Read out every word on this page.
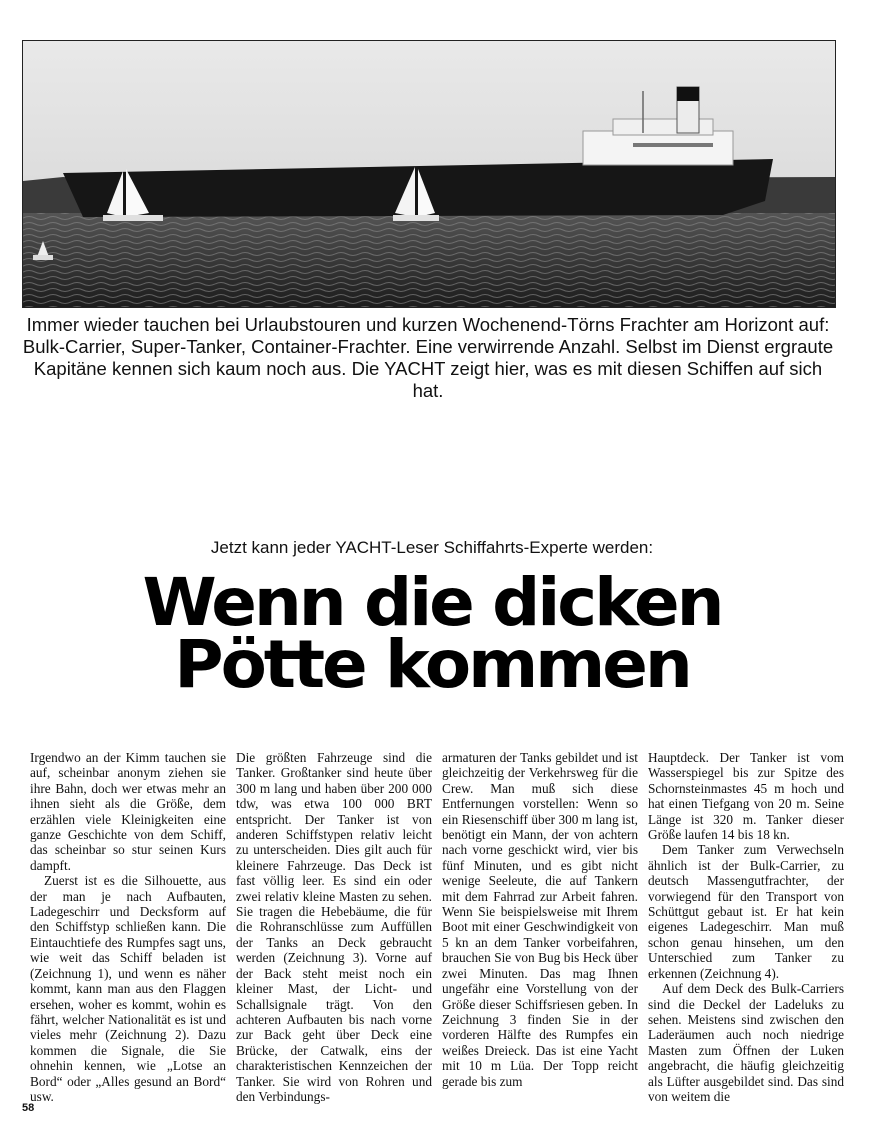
Immer wieder tauchen bei Urlaubstouren und kurzen Wochenend-Törns Frachter am Horizont auf: Bulk-Carrier, Super-Tanker, Container-Frachter. Eine verwirrende Anzahl. Selbst im Dienst ergraute Kapitäne kennen sich kaum noch aus. Die YACHT zeigt hier, was es mit diesen Schiffen auf sich hat.
Jetzt kann jeder YACHT-Leser Schiffahrts-Experte werden:
Wenn die dicken
Pötte kommen

Irgendwo an der Kimm tauchen sie auf, scheinbar anonym ziehen sie ihre Bahn, doch wer etwas mehr an ihnen sieht als die Größe, dem erzählen viele Kleinigkeiten eine ganze Geschichte von dem Schiff, das scheinbar so stur seinen Kurs dampft.

Zuerst ist es die Silhouette, aus der man je nach Aufbauten, Ladegeschirr und Decksform auf den Schiffstyp schließen kann. Die Eintauchtiefe des Rumpfes sagt uns, wie weit das Schiff beladen ist (Zeichnung 1), und wenn es näher kommt, kann man aus den Flaggen ersehen, woher es kommt, wohin es fährt, welcher Nationalität es ist und vieles mehr (Zeichnung 2). Dazu kommen die Signale, die Sie ohnehin kennen, wie „Lotse an Bord“ oder „Alles gesund an Bord“ usw.

Die größten Fahrzeuge sind die Tanker. Großtanker sind heute über 300 m lang und haben über 200 000 tdw, was etwa 100 000 BRT entspricht. Der Tanker ist von anderen Schiffstypen relativ leicht zu unterscheiden. Dies gilt auch für kleinere Fahrzeuge. Das Deck ist fast völlig leer. Es sind ein oder zwei relativ kleine Masten zu sehen. Sie tragen die Hebebäume, die für die Rohranschlüsse zum Auffüllen der Tanks an Deck gebraucht werden (Zeichnung 3). Vorne auf der Back steht meist noch ein kleiner Mast, der Licht- und Schallsignale trägt. Von den achteren Aufbauten bis nach vorne zur Back geht über Deck eine Brücke, der Catwalk, eins der charakteristischen Kennzeichen der Tanker. Sie wird von Rohren und den Verbindungs-

armaturen der Tanks gebildet und ist gleichzeitig der Verkehrsweg für die Crew. Man muß sich diese Entfernungen vorstellen: Wenn so ein Riesenschiff über 300 m lang ist, benötigt ein Mann, der von achtern nach vorne geschickt wird, vier bis fünf Minuten, und es gibt nicht wenige Seeleute, die auf Tankern mit dem Fahrrad zur Arbeit fahren. Wenn Sie beispielsweise mit Ihrem Boot mit einer Geschwindigkeit von 5 kn an dem Tanker vorbeifahren, brauchen Sie von Bug bis Heck über zwei Minuten. Das mag Ihnen ungefähr eine Vorstellung von der Größe dieser Schiffsriesen geben. In Zeichnung 3 finden Sie in der vorderen Hälfte des Rumpfes ein weißes Dreieck. Das ist eine Yacht mit 10 m Lüa. Der Topp reicht gerade bis zum

Hauptdeck. Der Tanker ist vom Wasserspiegel bis zur Spitze des Schornsteinmastes 45 m hoch und hat einen Tiefgang von 20 m. Seine Länge ist 320 m. Tanker dieser Größe laufen 14 bis 18 kn.

Dem Tanker zum Verwechseln ähnlich ist der Bulk-Carrier, zu deutsch Massengutfrachter, der vorwiegend für den Transport von Schüttgut gebaut ist. Er hat kein eigenes Ladegeschirr. Man muß schon genau hinsehen, um den Unterschied zum Tanker zu erkennen (Zeichnung 4).

Auf dem Deck des Bulk-Carriers sind die Deckel der Ladeluks zu sehen. Meistens sind zwischen den Laderäumen auch noch niedrige Masten zum Öffnen der Luken angebracht, die häufig gleichzeitig als Lüfter ausgebildet sind. Das sind von weitem die

58
